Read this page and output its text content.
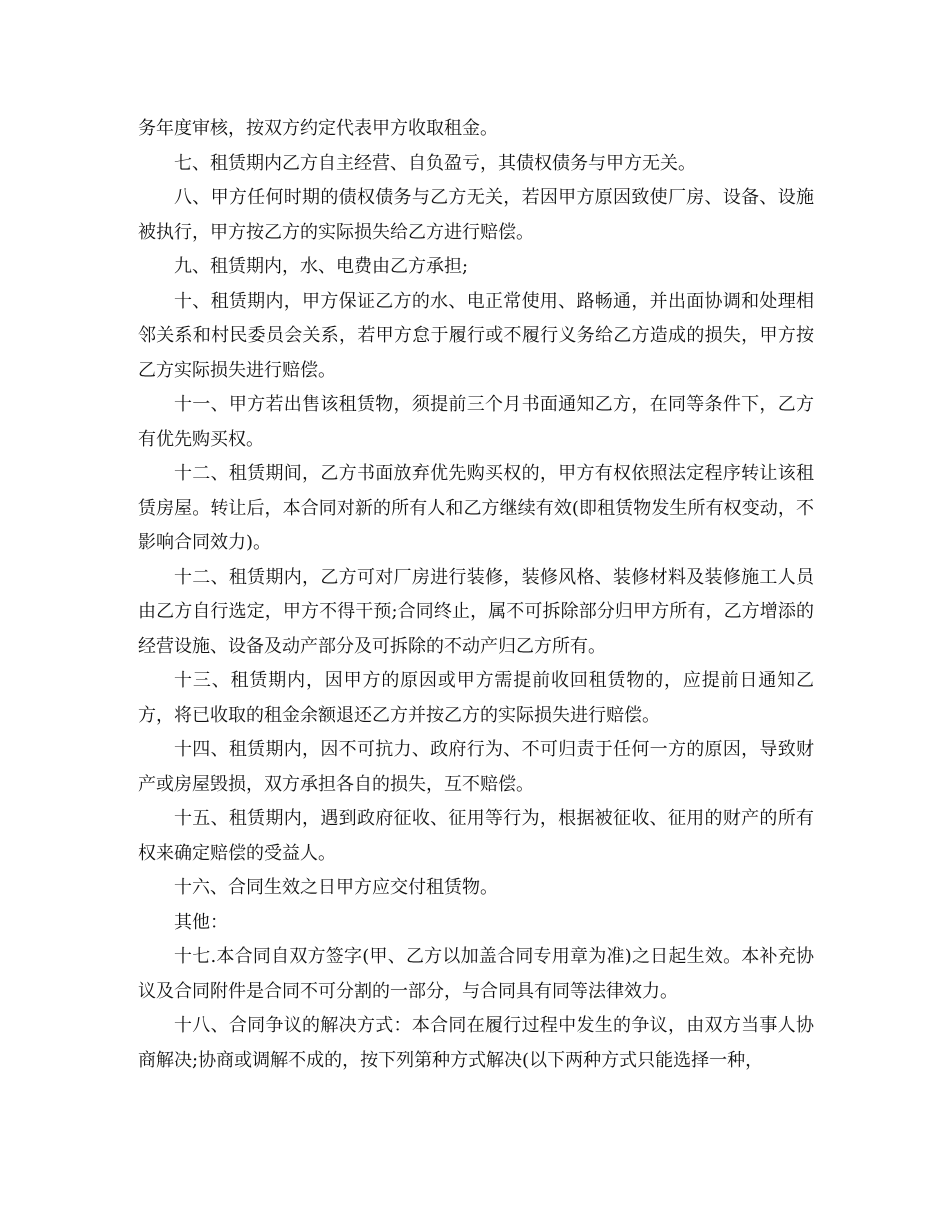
务年度审核，按双方约定代表甲方收取租金。

七、租赁期内乙方自主经营、自负盈亏，其债权债务与甲方无关。

八、甲方任何时期的债权债务与乙方无关，若因甲方原因致使厂房、设备、设施被执行，甲方按乙方的实际损失给乙方进行赔偿。

九、租赁期内，水、电费由乙方承担;

十、租赁期内，甲方保证乙方的水、电正常使用、路畅通，并出面协调和处理相邻关系和村民委员会关系，若甲方怠于履行或不履行义务给乙方造成的损失，甲方按乙方实际损失进行赔偿。

十一、甲方若出售该租赁物，须提前三个月书面通知乙方，在同等条件下，乙方有优先购买权。

十二、租赁期间，乙方书面放弃优先购买权的，甲方有权依照法定程序转让该租赁房屋。转让后，本合同对新的所有人和乙方继续有效(即租赁物发生所有权变动，不影响合同效力)。

十二、租赁期内，乙方可对厂房进行装修，装修风格、装修材料及装修施工人员由乙方自行选定，甲方不得干预;合同终止，属不可拆除部分归甲方所有，乙方增添的经营设施、设备及动产部分及可拆除的不动产归乙方所有。

十三、租赁期内，因甲方的原因或甲方需提前收回租赁物的，应提前日通知乙方，将已收取的租金余额退还乙方并按乙方的实际损失进行赔偿。

十四、租赁期内，因不可抗力、政府行为、不可归责于任何一方的原因，导致财产或房屋毁损，双方承担各自的损失，互不赔偿。

十五、租赁期内，遇到政府征收、征用等行为，根据被征收、征用的财产的所有权来确定赔偿的受益人。

十六、合同生效之日甲方应交付租赁物。

其他：

十七.本合同自双方签字(甲、乙方以加盖合同专用章为准)之日起生效。本补充协议及合同附件是合同不可分割的一部分，与合同具有同等法律效力。

十八、合同争议的解决方式：本合同在履行过程中发生的争议，由双方当事人协商解决;协商或调解不成的，按下列第种方式解决(以下两种方式只能选择一种，
